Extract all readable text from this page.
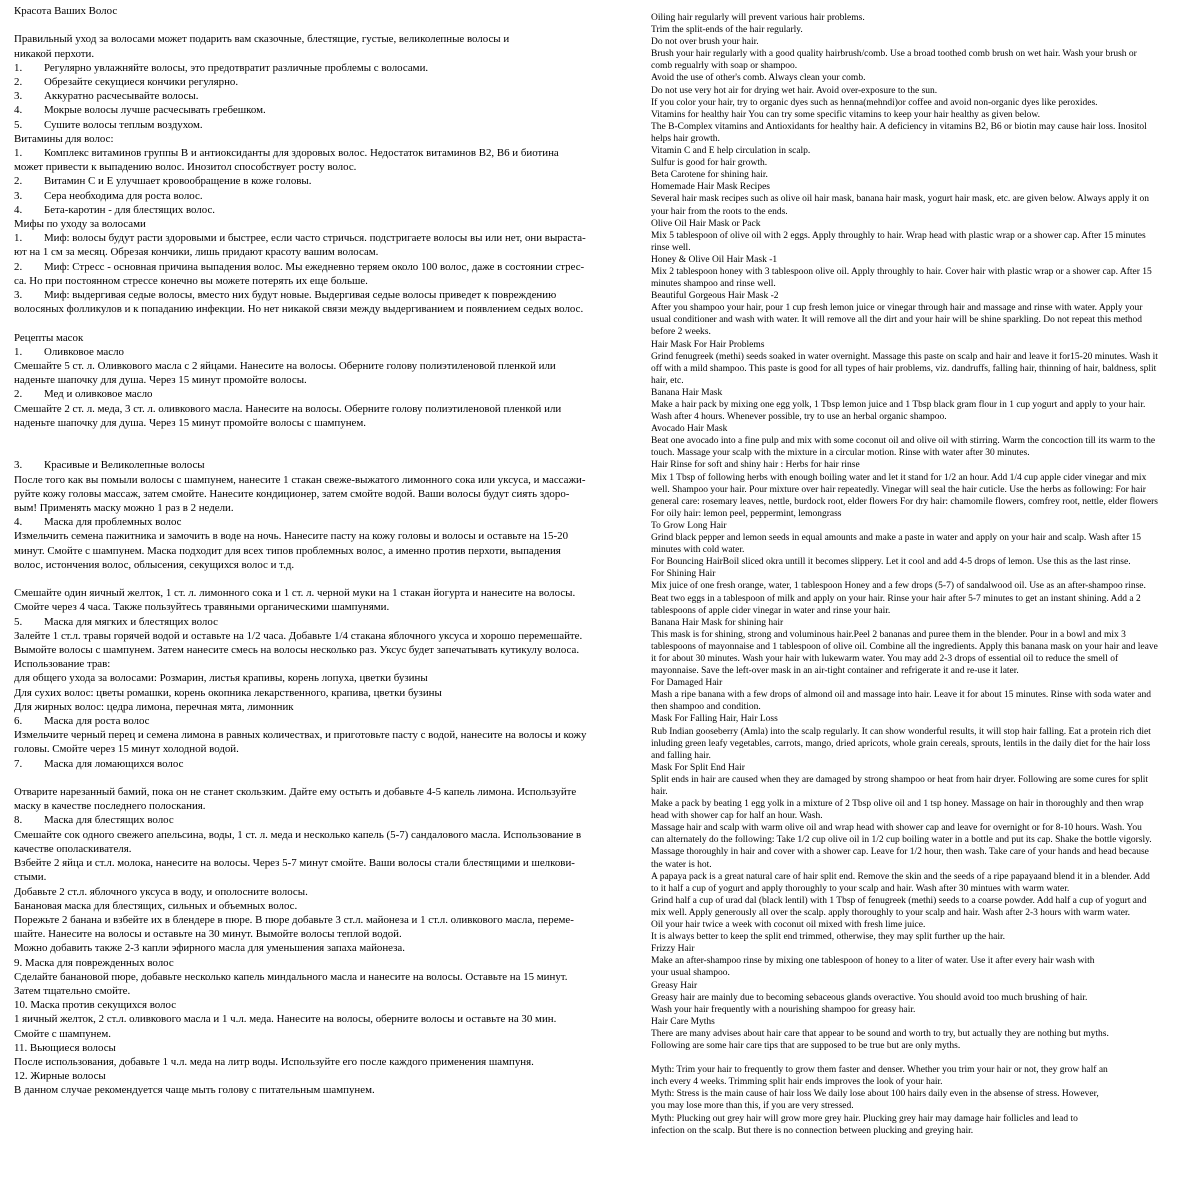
Красота Ваших Волос
Правильный уход за волосами может подарить вам сказочные, блестящие, густые, великолепные волосы и
никакой перхоти.
1.        Регулярно увлажняйте волосы, это предотвратит различные проблемы с волосами.
2.        Обрезайте секущиеся кончики регулярно.
3.        Аккуратно расчесывайте волосы.
4.        Мокрые волосы лучше расчесывать гребешком.
5.        Сушите волосы теплым воздухом.
Витамины для волос:
1.        Комплекс витаминов группы B и антиоксиданты для здоровых волос. Недостаток витаминов B2, B6 и биотина
может привести к выпадению волос. Инозитол способствует росту волос.
2.        Витамин C и E улучшает кровообращение в коже головы.
3.        Сера необходима для роста волос.
4.        Бета-каротин - для блестящих волос.
Мифы по уходу за волосами
1.        Миф: волосы будут расти здоровыми и быстрее, если часто стричься. подстригаете волосы вы или нет, они выраста-
ют на 1 см за месяц. Обрезая кончики, лишь придают красоту вашим волосам.
2.        Миф: Стресс - основная причина выпадения волос. Мы ежедневно теряем около 100 волос, даже в состоянии стрес-
са. Но при постоянном стрессе конечно вы можете потерять их еще больше.
3.        Миф: выдергивая седые волосы, вместо них будут новые. Выдергивая седые волосы приведет к повреждению
волосяных фолликулов и к попаданию инфекции. Но нет никакой связи между выдергиванием и появлением седых волос.
Рецепты масок
1.        Оливковое масло
Смешайте 5 ст. л. Оливкового масла с 2 яйцами. Нанесите на волосы. Оберните голову полиэтиленовой пленкой или
наденьте шапочку для душа. Через 15 минут промойте волосы.
2.        Мед и оливковое масло
Смешайте 2 ст. л. меда, 3 ст. л. оливкового масла. Нанесите на волосы. Оберните голову полиэтиленовой пленкой или
наденьте шапочку для душа. Через 15 минут промойте волосы с шампунем.
3.        Красивые и Великолепные волосы
После того как вы помыли волосы с шампунем, нанесите 1 стакан свеже-выжатого лимонного сока или уксуса, и массажи-
руйте кожу головы массаж, затем смойте. Нанесите кондиционер, затем смойте водой. Ваши волосы будут сиять здоро-
вым! Применять маску можно 1 раз в 2 недели.
4.        Маска для проблемных волос
Измельчить семена пажитника и замочить в воде на ночь. Нанесите пасту на кожу головы и волосы и оставьте на 15-20
минут. Смойте с шампунем. Маска подходит для всех типов проблемных волос, а именно против перхоти, выпадения
волос, истончения волос, облысения, секущихся волос и т.д.
Смешайте один яичный желток, 1 ст. л. лимонного сока и 1 ст. л. черной муки на 1 стакан йогурта и нанесите на волосы.
Смойте через 4 часа. Также пользуйтесь травяными органическими шампунями.
5.        Маска для мягких и блестящих волос
Залейте 1 ст.л. травы горячей водой и оставьте на 1/2 часа. Добавьте 1/4 стакана яблочного уксуса и хорошо перемешайте.
Вымойте волосы с шампунем. Затем нанесите смесь на волосы несколько раз. Уксус будет запечатывать кутикулу волоса.
Использование трав:
для общего ухода за волосами: Розмарин, листья крапивы, корень лопуха, цветки бузины
Для сухих волос: цветы ромашки, корень окопника лекарственного, крапива, цветки бузины
Для жирных волос: цедра лимона, перечная мята, лимонник
6.        Маска для роста волос
Измельчите черный перец и семена лимона в равных количествах, и приготовьте пасту с водой, нанесите на волосы и кожу
головы. Смойте через 15 минут холодной водой.
7.        Маска для ломающихся волос
Отварите нарезанный бамий, пока он не станет скользким. Дайте ему остыть и добавьте 4-5 капель лимона. Используйте
маску в качестве последнего полоскания.
8.        Маска для блестящих волос
Смешайте сок одного свежего апельсина, воды, 1 ст. л. меда и несколько капель (5-7) сандалового масла. Использование в
качестве ополаскивателя.
Взбейте 2 яйца и ст.л. молока, нанесите на волосы. Через 5-7 минут смойте. Ваши волосы стали блестящими и шелкови-
стыми.
Добавьте 2 ст.л. яблочного уксуса в воду, и ополосните волосы.
Банановая маска для блестящих, сильных и объемных волос.
Порежьте 2 банана и взбейте их в блендере в пюре. В пюре добавьте 3 ст.л. майонеза и 1 ст.л. оливкового масла, переме-
шайте. Нанесите на волосы и оставьте на 30 минут. Вымойте волосы теплой водой.
Можно добавить также 2-3 капли эфирного масла для уменьшения запаха майонеза.
9. Маска для поврежденных волос
Сделайте банановой пюре, добавьте несколько капель миндального масла и нанесите на волосы. Оставьте на 15 минут.
Затем тщательно смойте.
10. Маска против секущихся волос
1 яичный желток, 2 ст.л. оливкового масла и 1 ч.л. меда. Нанесите на волосы, оберните волосы и оставьте на 30 мин.
Смойте с шампунем.
11. Вьющиеся волосы
После использования, добавьте 1 ч.л. меда на литр воды. Используйте его после каждого применения шампуня.
12. Жирные волосы
В данном случае рекомендуется чаще мыть голову с питательным шампунем.
Oiling hair regularly will prevent various hair problems.
Trim the split-ends of the hair regularly.
Do not over brush your hair.
Brush your hair regularly with a good quality hairbrush/comb. Use a broad toothed comb brush on wet hair. Wash your brush or
comb regualrly with soap or shampoo.
Avoid the use of other's comb. Always clean your comb.
Do not use very hot air for drying wet hair. Avoid over-exposure to the sun.
If you color your hair, try to organic dyes such as henna(mehndi)or coffee and avoid non-organic dyes like peroxides.
Vitamins for healthy hair You can try some specific vitamins to keep your hair healthy as given below.
The B-Complex vitamins and Antioxidants for healthy hair. A deficiency in vitamins B2, B6 or biotin may cause hair loss. Inositol
helps hair growth.
Vitamin C and E help circulation in scalp.
Sulfur is good for hair growth.
Beta Carotene for shining hair.
Homemade Hair Mask Recipes
Several hair mask recipes such as olive oil hair mask, banana hair mask, yogurt hair mask, etc. are given below. Always apply it on
your hair from the roots to the ends.
Olive Oil Hair Mask or Pack
Mix 5 tablespoon of olive oil with 2 eggs. Apply throughly to hair. Wrap head with plastic wrap or a shower cap. After 15 minutes
rinse well.
Honey & Olive Oil Hair Mask -1
Mix 2 tablespoon honey with 3 tablespoon olive oil. Apply throughly to hair. Cover hair with plastic wrap or a shower cap. After 15
minutes shampoo and rinse well.
Beautiful Gorgeous Hair Mask -2
After you shampoo your hair, pour 1 cup fresh lemon juice or vinegar through hair and massage and rinse with water. Apply your
usual conditioner and wash with water. It will remove all the dirt and your hair will be shine sparkling. Do not repeat this method
before 2 weeks.
Hair Mask For Hair Problems
Grind fenugreek (methi) seeds soaked in water overnight. Massage this paste on scalp and hair and leave it for15-20 minutes. Wash it
off with a mild shampoo. This paste is good for all types of hair problems, viz. dandruffs, falling hair, thinning of hair, baldness, split
hair, etc.
Banana Hair Mask
Make a hair pack by mixing one egg yolk, 1 Tbsp lemon juice and 1 Tbsp black gram flour in 1 cup yogurt and apply to your hair.
Wash after 4 hours. Whenever possible, try to use an herbal organic shampoo.
Avocado Hair Mask
Beat one avocado into a fine pulp and mix with some coconut oil and olive oil with stirring. Warm the concoction till its warm to the
touch. Massage your scalp with the mixture in a circular motion. Rinse with water after 30 minutes.
Hair Rinse for soft and shiny hair : Herbs for hair rinse
Mix 1 Tbsp of following herbs with enough boiling water and let it stand for 1/2 an hour. Add 1/4 cup apple cider vinegar and mix
well. Shampoo your hair. Pour mixture over hair repeatedly. Vinegar will seal the hair cuticle. Use the herbs as following: For hair
general care: rosemary leaves, nettle, burdock root, elder flowers For dry hair: chamomile flowers, comfrey root, nettle, elder flowers
For oily hair: lemon peel, peppermint, lemongrass
To Grow Long Hair
Grind black pepper and lemon seeds in equal amounts and make a paste in water and apply on your hair and scalp. Wash after 15
minutes with cold water.
For Bouncing HairBoil sliced okra untill it becomes slippery. Let it cool and add 4-5 drops of lemon. Use this as the last rinse.
For Shining Hair
Mix juice of one fresh orange, water, 1 tablespoon Honey and a few drops (5-7) of sandalwood oil. Use as an after-shampoo rinse.
Beat two eggs in a tablespoon of milk and apply on your hair. Rinse your hair after 5-7 minutes to get an instant shining. Add a 2
tablespoons of apple cider vinegar in water and rinse your hair.
Banana Hair Mask for shining hair
This mask is for shining, strong and voluminous hair.Peel 2 bananas and puree them in the blender. Pour in a bowl and mix 3
tablespoons of mayonnaise and 1 tablespoon of olive oil. Combine all the ingredients. Apply this banana mask on your hair and leave
it for about 30 minutes. Wash your hair with lukewarm water. You may add 2-3 drops of essential oil to reduce the smell of
mayonnaise. Save the left-over mask in an air-tight container and refrigerate it and re-use it later.
For Damaged Hair
Mash a ripe banana with a few drops of almond oil and massage into hair. Leave it for about 15 minutes. Rinse with soda water and
then shampoo and condition.
Mask For Falling Hair, Hair Loss
Rub Indian gooseberry (Amla) into the scalp regularly. It can show wonderful results, it will stop hair falling. Eat a protein rich diet
inluding green leafy vegetables, carrots, mango, dried apricots, whole grain cereals, sprouts, lentils in the daily diet for the hair loss
and falling hair.
Mask For Split End Hair
Split ends in hair are caused when they are damaged by strong shampoo or heat from hair dryer. Following are some cures for split
hair.
Make a pack by beating 1 egg yolk in a mixture of 2 Tbsp olive oil and 1 tsp honey. Massage on hair in thoroughly and then wrap
head with shower cap for half an hour. Wash.
Massage hair and scalp with warm olive oil and wrap head with shower cap and leave for overnight or for 8-10 hours. Wash. You
can alternately do the following: Take 1/2 cup olive oil in 1/2 cup boiling water in a bottle and put its cap. Shake the bottle vigorsly.
Massage thoroughly in hair and cover with a shower cap. Leave for 1/2 hour, then wash. Take care of your hands and head because
the water is hot.
A papaya pack is a great natural care of hair split end. Remove the skin and the seeds of a ripe papayaand blend it in a blender. Add
to it half a cup of yogurt and apply thoroughly to your scalp and hair. Wash after 30 mintues with warm water.
Grind half a cup of urad dal (black lentil) with 1 Tbsp of fenugreek (methi) seeds to a coarse powder. Add half a cup of yogurt and
mix well. Apply generously all over the scalp. apply thoroughly to your scalp and hair. Wash after 2-3 hours with warm water.
Oil your hair twice a week with coconut oil mixed with fresh lime juice.
It is always better to keep the split end trimmed, otherwise, they may split further up the hair.
Frizzy Hair
Make an after-shampoo rinse by mixing one tablespoon of honey to a liter of water. Use it after every hair wash with
your usual shampoo.
Greasy Hair
Greasy hair are mainly due to becoming sebaceous glands overactive. You should avoid too much brushing of hair.
Wash your hair frequently with a nourishing shampoo for greasy hair.
Hair Care Myths
There are many advises about hair care that appear to be sound and worth to try, but actually they are nothing but myths.
Following are some hair care tips that are supposed to be true but are only myths.
Myth: Trim your hair to frequently to grow them faster and denser. Whether you trim your hair or not, they grow half an
inch every 4 weeks. Trimming split hair ends improves the look of your hair.
Myth: Stress is the main cause of hair loss We daily lose about 100 hairs daily even in the absense of stress. However,
you may lose more than this, if you are very stressed.
Myth: Plucking out grey hair will grow more grey hair. Plucking grey hair may damage hair follicles and lead to
infection on the scalp. But there is no connection between plucking and greying hair.
